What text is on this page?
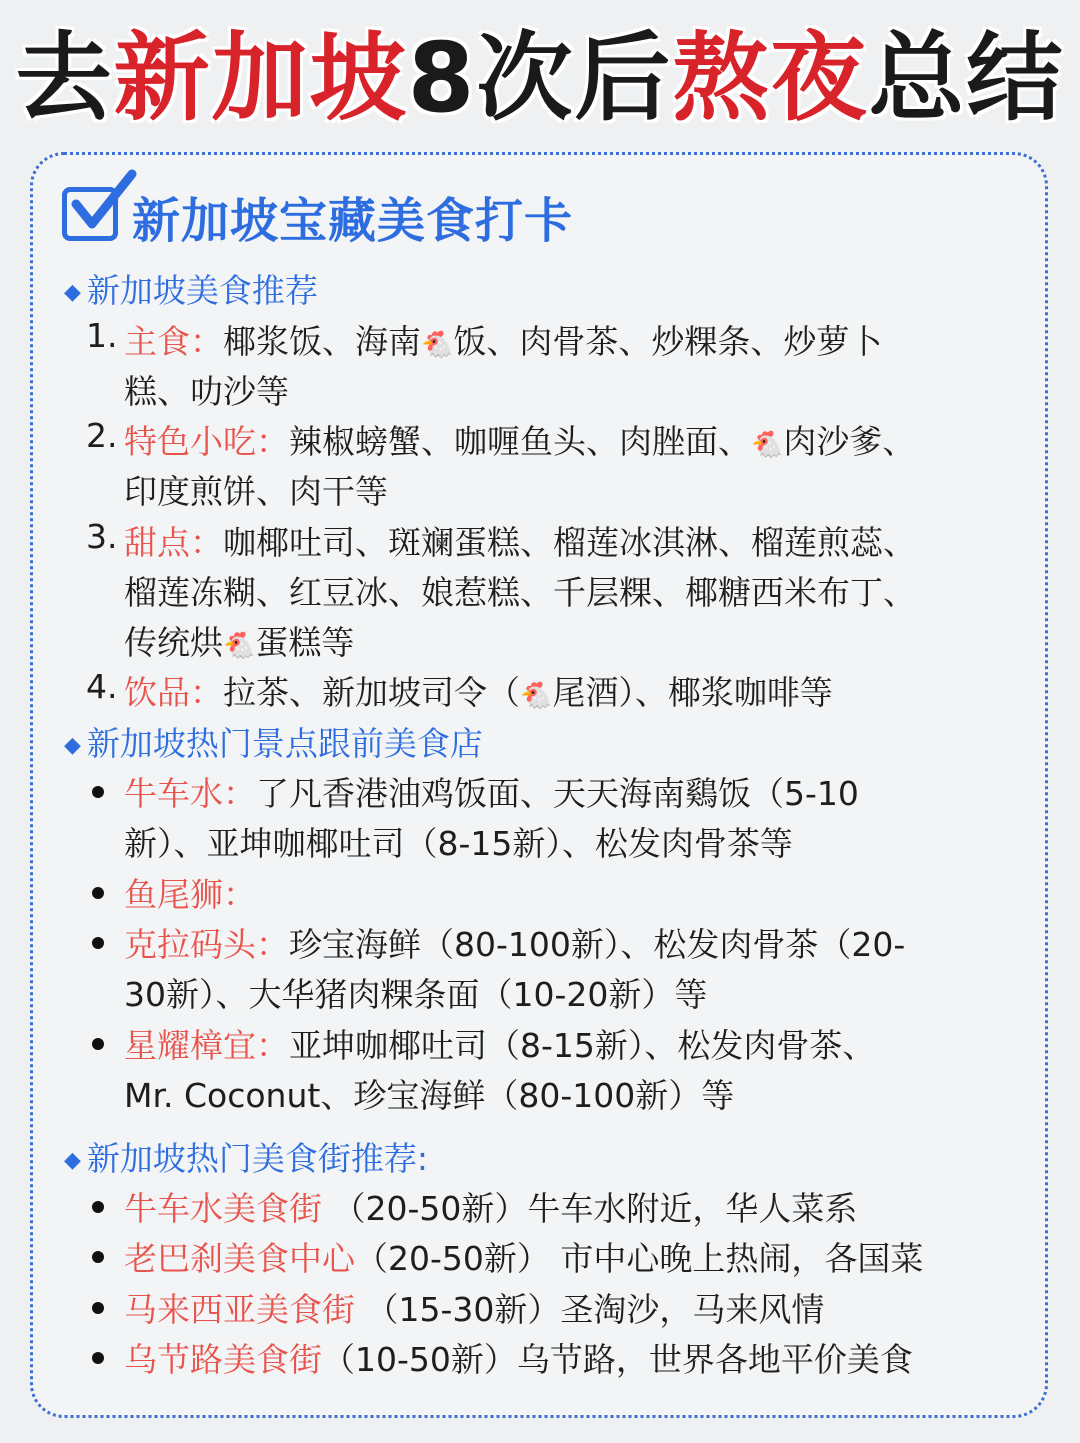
去新加坡8次后熬夜总结
新加坡宝藏美食打卡
◆ 新加坡美食推荐
1. 主食：椰浆饭、海南🐔饭、肉骨茶、炒粿条、炒萝卜
糕、叻沙等
2. 特色小吃：辣椒螃蟹、咖喱鱼头、肉脞面、🐔肉沙爹、
印度煎饼、肉干等
3. 甜点：咖椰吐司、斑斓蛋糕、榴莲冰淇淋、榴莲煎蕊、
榴莲冻糊、红豆冰、娘惹糕、千层粿、椰糖西米布丁、
传统烘🐔蛋糕等
4. 饮品：拉茶、新加坡司令（🐔尾酒）、椰浆咖啡等
◆ 新加坡热门景点跟前美食店
牛车水：了凡香港油鸡饭面、天天海南鷄饭（5-10
新）、亚坤咖椰吐司（8-15新）、松发肉骨茶等
鱼尾狮：
克拉码头：珍宝海鲜（80-100新）、松发肉骨茶（20-
30新）、大华猪肉粿条面（10-20新）等
星耀樟宜：亚坤咖椰吐司（8-15新）、松发肉骨茶、
Mr. Coconut、珍宝海鲜（80-100新）等
◆ 新加坡热门美食街推荐:
牛车水美食街 （20-50新）牛车水附近，华人菜系
老巴刹美食中心（20-50新） 市中心晚上热闹，各国菜
马来西亚美食街 （15-30新）圣淘沙，马来风情
乌节路美食街（10-50新）乌节路，世界各地平价美食
